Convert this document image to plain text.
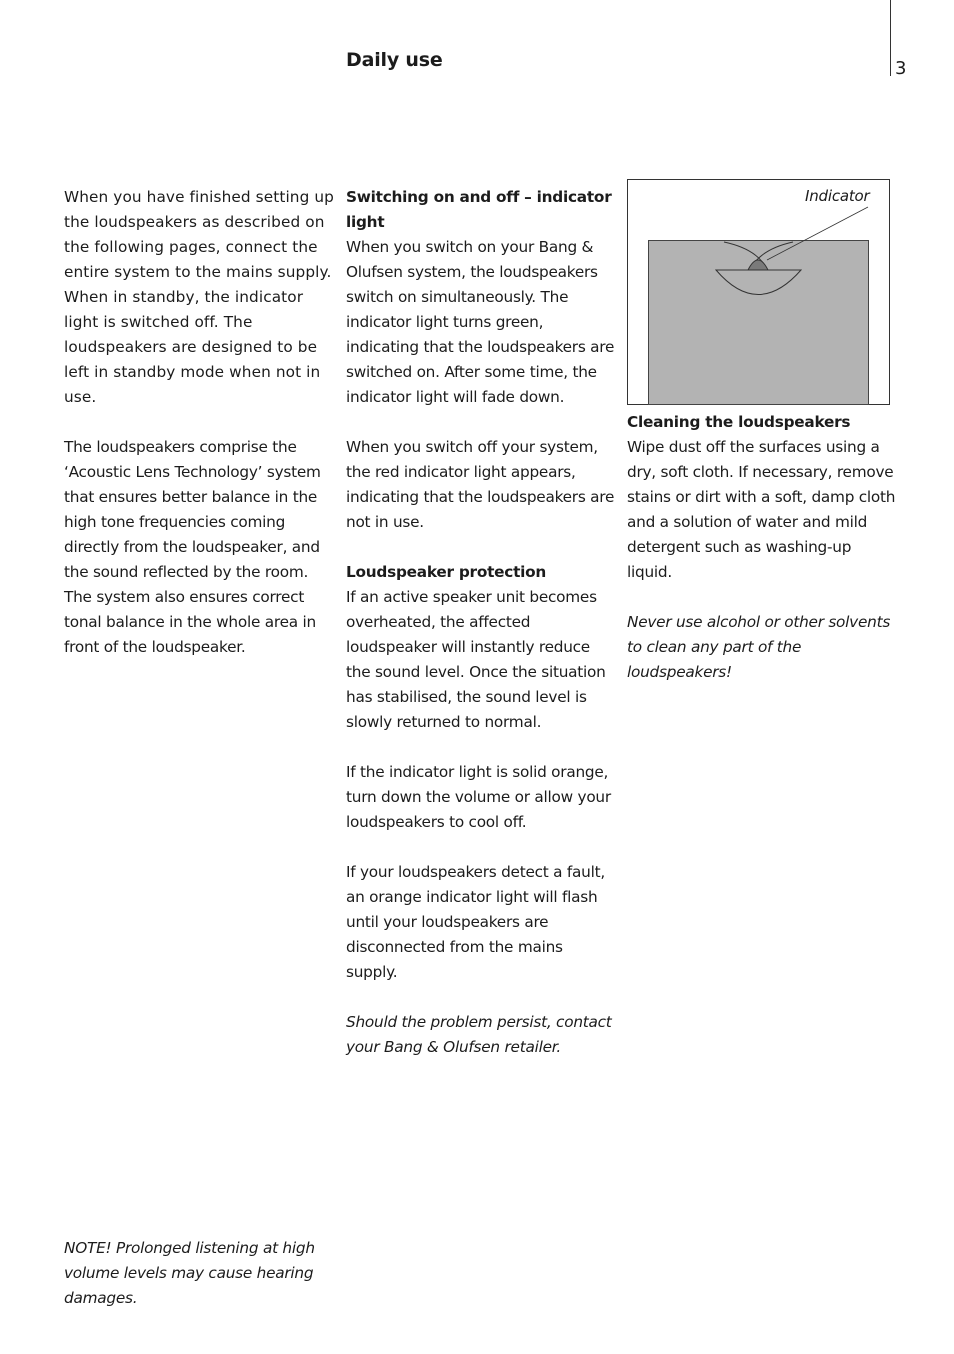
Daily use	3

When you have finished setting up the loudspeakers as described on the following pages, connect the entire system to the mains supply. When in standby, the indicator light is switched off. The loudspeakers are designed to be left in standby mode when not in use.

The loudspeakers comprise the ‘Acoustic Lens Technology’ system that ensures better balance in the high tone frequencies coming directly from the loudspeaker, and the sound reflected by the room. The system also ensures correct tonal balance in the whole area in front of the loudspeaker.

NOTE! Prolonged listening at high volume levels may cause hearing damages.

Switching on and off – indicator light

When you switch on your Bang & Olufsen system, the loudspeakers switch on simultaneously. The indicator light turns green, indicating that the loudspeakers are switched on. After some time, the indicator light will fade down.

When you switch off your system, the red indicator light appears, indicating that the loudspeakers are not in use.

Loudspeaker protection

If an active speaker unit becomes overheated, the affected loudspeaker will instantly reduce the sound level. Once the situation has stabilised, the sound level is slowly returned to normal.

If the indicator light is solid orange, turn down the volume or allow your loudspeakers to cool off.

If your loudspeakers detect a fault, an orange indicator light will flash until your loudspeakers are disconnected from the mains supply.

Should the problem persist, contact your Bang & Olufsen retailer.

Indicator
Cleaning the loudspeakers

Wipe dust off the surfaces using a dry, soft cloth. If necessary, remove stains or dirt with a soft, damp cloth and a solution of water and mild detergent such as washing-up liquid.

Never use alcohol or other solvents to clean any part of the loudspeakers!
